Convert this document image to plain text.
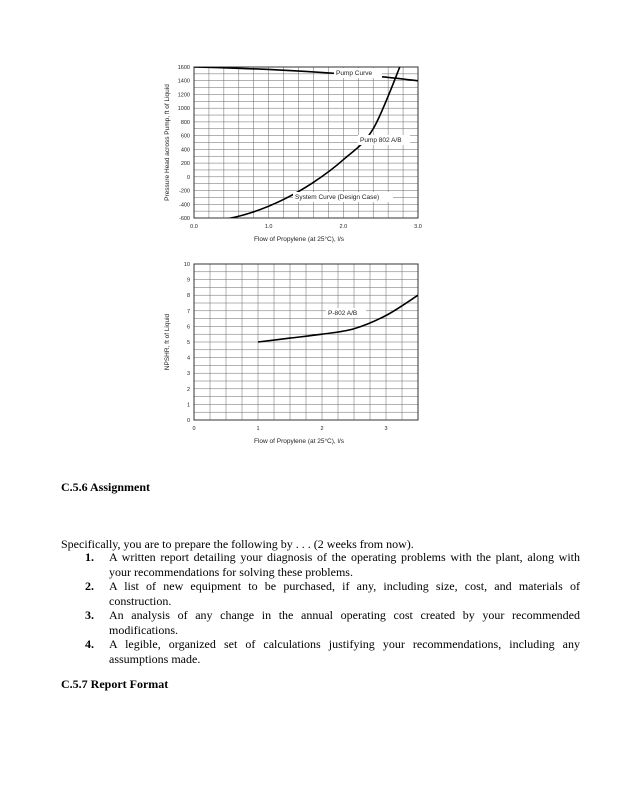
1600
1400
1200
1000
800
600
400
200
0
-200
-400
-600
0.0	1.0	2.0	3.0
Flow of Propylene (at 25°C), l/s
Pressure Head across Pump, ft of Liquid
Pump Curve
Pump 802 A/B
System Curve (Design Case)
10
9
8
7
6
5
4
3
2
1
0
0	1	2	3
Flow of Propylene (at 25°C), l/s
NPSHR, ft of Liquid
P-802 A/B
C.5.6 Assignment
Specifically, you are to prepare the following by . . . (2 weeks from now).
1. A written report detailing your diagnosis of the operating problems with the plant, along with your recommendations for solving these problems.
2. A list of new equipment to be purchased, if any, including size, cost, and materials of construction.
3. An analysis of any change in the annual operating cost created by your recommended modifications.
4. A legible, organized set of calculations justifying your recommendations, including any assumptions made.
C.5.7 Report Format
